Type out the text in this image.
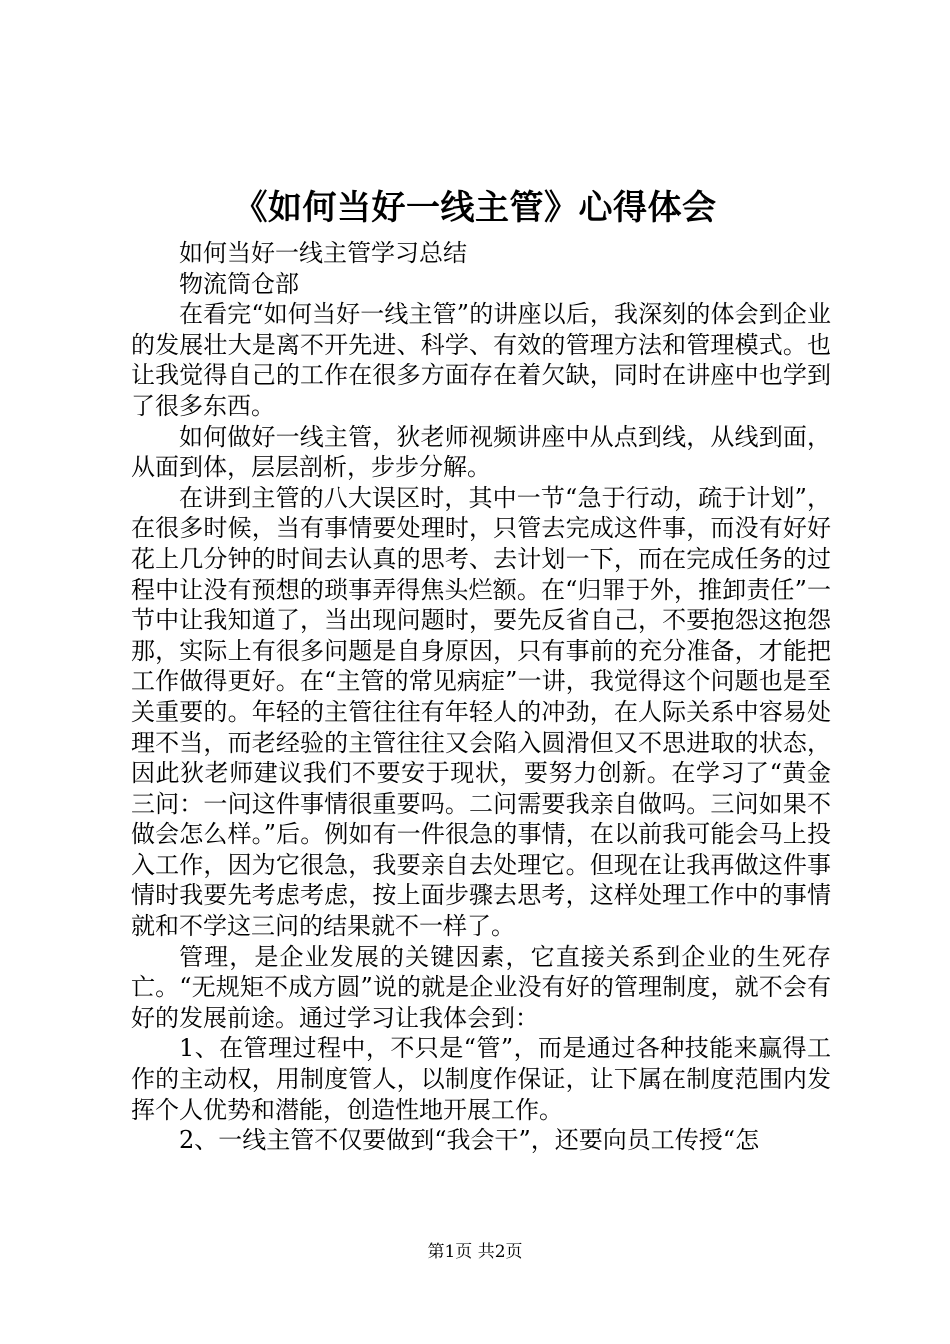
《如何当好一线主管》心得体会

如何当好一线主管学习总结

物流筒仓部

在看完“如何当好一线主管”的讲座以后，我深刻的体会到企业的发展壮大是离不开先进、科学、有效的管理方法和管理模式。也让我觉得自己的工作在很多方面存在着欠缺，同时在讲座中也学到了很多东西。

如何做好一线主管，狄老师视频讲座中从点到线，从线到面，从面到体，层层剖析，步步分解。

在讲到主管的八大误区时，其中一节“急于行动，疏于计划”，在很多时候，当有事情要处理时，只管去完成这件事，而没有好好花上几分钟的时间去认真的思考、去计划一下，而在完成任务的过程中让没有预想的琐事弄得焦头烂额。在“归罪于外，推卸责任”一节中让我知道了，当出现问题时，要先反省自己，不要抱怨这抱怨那，实际上有很多问题是自身原因，只有事前的充分准备，才能把工作做得更好。在“主管的常见病症”一讲，我觉得这个问题也是至关重要的。年轻的主管往往有年轻人的冲劲，在人际关系中容易处理不当，而老经验的主管往往又会陷入圆滑但又不思进取的状态，因此狄老师建议我们不要安于现状，要努力创新。在学习了“黄金三问：一问这件事情很重要吗。二问需要我亲自做吗。三问如果不做会怎么样。”后。例如有一件很急的事情，在以前我可能会马上投入工作，因为它很急，我要亲自去处理它。但现在让我再做这件事情时我要先考虑考虑，按上面步骤去思考，这样处理工作中的事情就和不学这三问的结果就不一样了。

管理，是企业发展的关键因素，它直接关系到企业的生死存亡。“无规矩不成方圆”说的就是企业没有好的管理制度，就不会有好的发展前途。通过学习让我体会到：

1、在管理过程中，不只是“管”，而是通过各种技能来赢得工作的主动权，用制度管人，以制度作保证，让下属在制度范围内发挥个人优势和潜能，创造性地开展工作。

2、一线主管不仅要做到“我会干”，还要向员工传授“怎

第1页 共2页
